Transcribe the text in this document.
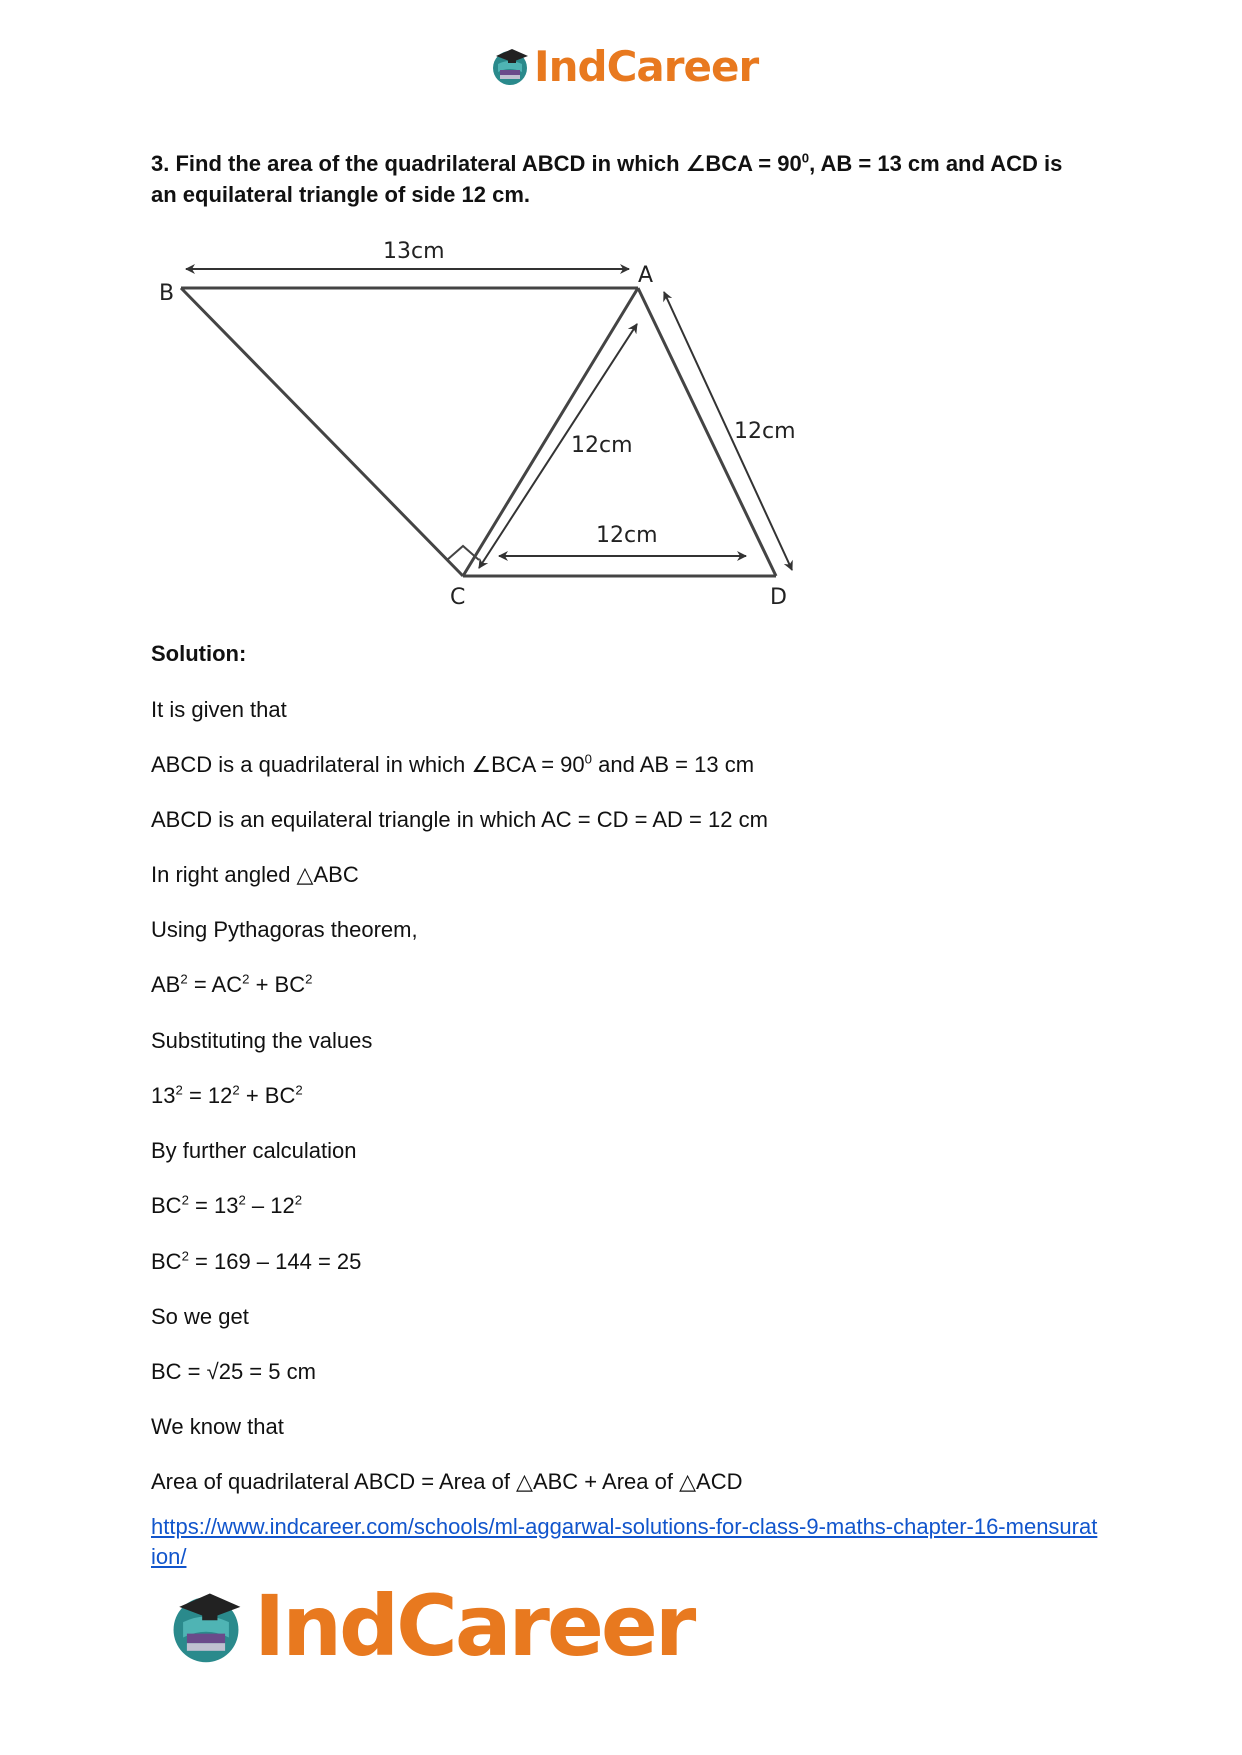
IndCareer
3. Find the area of the quadrilateral ABCD in which ∠BCA = $90^0$, AB = 13 cm and ACD is an equilateral triangle of side 12 cm.
B
A
C	D
13cm
12cm
12cm
12cm
Solution:
It is given that
ABCD is a quadrilateral in which ∠BCA = $90^0$ and AB = 13 cm
ABCD is an equilateral triangle in which AC = CD = AD = 12 cm
In right angled △ABC
Using Pythagoras theorem,
$AB^2 = AC^2 + BC^2$
Substituting the values
$13^2 = 12^2 + BC^2$
By further calculation
$BC^2 = 13^2 - 12^2$
$BC^2 = 169 - 144 = 25$
So we get
BC = √25 = 5 cm
We know that
Area of quadrilateral ABCD = Area of △ABC + Area of △ACD
https://www.indcareer.com/schools/ml-aggarwal-solutions-for-class-9-maths-chapter-16-mensuration/
IndCareer
